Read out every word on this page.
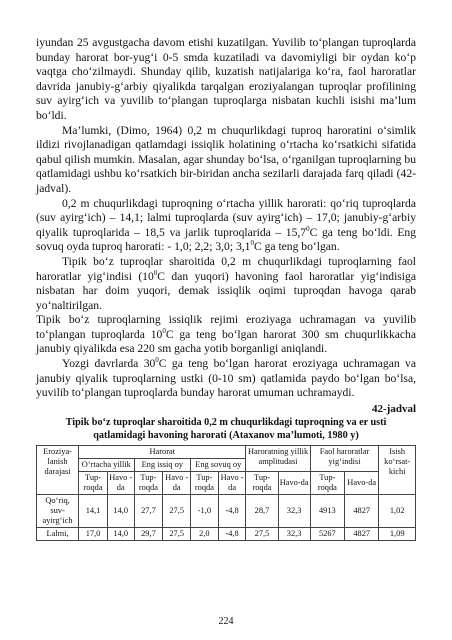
iyundan 25 avgustgacha davom etishi kuzatilgan. Yuvilib to‘plangan tuproqlarda bunday harorat bor-yug‘i 0-5 smda kuzatiladi va davomiyligi bir oydan ko‘p vaqtga cho‘zilmaydi. Shunday qilib, kuzatish natijalariga ko‘ra, faol haroratlar davrida janubiy-g‘arbiy qiyalikda tarqalgan eroziyalangan tuproqlar profilining suv ayirg‘ich va yuvilib to‘plangan tuproqlarga nisbatan kuchli isishi ma’lum bo‘ldi.

Ma’lumki, (Dimo, 1964) 0,2 m chuqurlikdagi tuproq haroratini o‘simlik ildizi rivojlanadigan qatlamdagi issiqlik holatining o‘rtacha ko‘rsatkichi sifatida qabul qilish mumkin. Masalan, agar shunday bo‘lsa, o‘rganilgan tuproqlarning bu qatlamidagi ushbu ko‘rsatkich bir-biridan ancha sezilarli darajada farq qiladi (42-jadval).

0,2 m chuqurlikdagi tuproqning o‘rtacha yillik harorati: qo‘riq tuproqlarda (suv ayirg‘ich) – 14,1; lalmi tuproqlarda (suv ayirg‘ich) – 17,0; janubiy-g‘arbiy qiyalik tuproqlarida – 18,5 va jarlik tuproqlarida – 15,7$^0$C ga teng bo‘ldi. Eng sovuq oyda tuproq harorati: - 1,0; 2,2; 3,0; $3,1^0C$ ga teng bo‘lgan.

Tipik bo‘z tuproqlar sharoitida 0,2 m chuqurlikdagi tuproqlarning faol haroratlar yig‘indisi ($10^0C$ dan yuqori) havoning faol haroratlar yig‘indisiga nisbatan har doim yuqori, demak issiqlik oqimi tuproqdan havoga qarab yo‘naltirilgan.

Tipik bo‘z tuproqlarning issiqlik rejimi eroziyaga uchramagan va yuvilib to‘plangan tuproqlarda $10^0C$ ga teng bo‘lgan harorat 300 sm chuqurlikkacha janubiy qiyalikda esa 220 sm gacha yotib borganligi aniqlandi.

Yozgi davrlarda $30^0C$ ga teng bo‘lgan harorat eroziyaga uchramagan va janubiy qiyalik tuproqlarning ustki (0-10 sm) qatlamida paydo bo‘lgan bo‘lsa, yuvilib to‘plangan tuproqlarda bunday harorat umuman uchramaydi.

42-jadval
Tipik bo‘z tuproqlar sharoitida 0,2 m chuqurlikdagi tuproqning va er usti qatlamidagi havoning harorati (Ataxanov ma’lumoti, 1980 y)
Eroziya-lanish darajasi	Harorat						Haroratning yillik amplitudasi		Faol haroratlar yig‘indisi		Isish ko‘rsat-kichi
	O‘rtacha yillik		Eng issiq oy		Eng sovuq oy						
	Tup-roqda	Havo -da	Tup-roqda	Havo -da	Tup-roqda	Havo -da	Tup-roqda	Havo-da	Tup-roqda	Havo-da	
Qo‘riq, suv-ayirg‘ich	14,1	14,0	27,7	27,5	-1,0	-4,8	28,7	32,3	4913	4827	1,02
Lalmi,	17,0	14,0	29,7	27,5	2,0	-4,8	27,5	32,3	5267	4827	1,09
224
